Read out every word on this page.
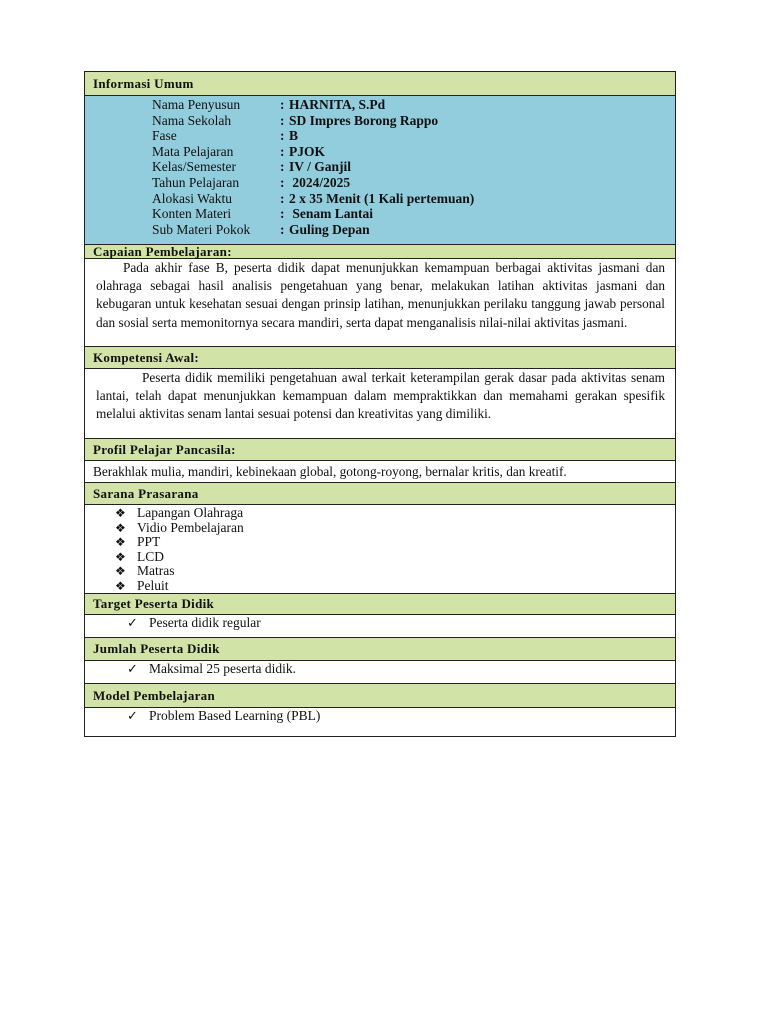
Informasi Umum
Nama Penyusun	: HARNITA, S.Pd
Nama Sekolah	: SD Impres Borong Rappo
Fase	: B
Mata Pelajaran	: PJOK
Kelas/Semester	: IV / Ganjil
Tahun Pelajaran	: 2024/2025
Alokasi Waktu	: 2 x 35 Menit (1 Kali pertemuan)
Konten Materi	: Senam Lantai
Sub Materi Pokok	: Guling Depan
Capaian Pembelajaran:
Pada akhir fase B, peserta didik dapat menunjukkan kemampuan berbagai aktivitas jasmani dan olahraga sebagai hasil analisis pengetahuan yang benar, melakukan latihan aktivitas jasmani dan kebugaran untuk kesehatan sesuai dengan prinsip latihan, menunjukkan perilaku tanggung jawab personal dan sosial serta memonitornya secara mandiri, serta dapat menganalisis nilai-nilai aktivitas jasmani.
Kompetensi Awal:
Peserta didik memiliki pengetahuan awal terkait keterampilan gerak dasar pada aktivitas senam lantai, telah dapat menunjukkan kemampuan dalam mempraktikkan dan memahami gerakan spesifik melalui aktivitas senam lantai sesuai potensi dan kreativitas yang dimiliki.
Profil Pelajar Pancasila:
Berakhlak mulia, mandiri, kebinekaan global, gotong-royong, bernalar kritis, dan kreatif.
Sarana Prasarana
❖ Lapangan Olahraga
❖ Vidio Pembelajaran
❖ PPT
❖ LCD
❖ Matras
❖ Peluit
Target Peserta Didik
✓ Peserta didik regular
Jumlah Peserta Didik
✓ Maksimal 25 peserta didik.
Model Pembelajaran
✓ Problem Based Learning (PBL)
